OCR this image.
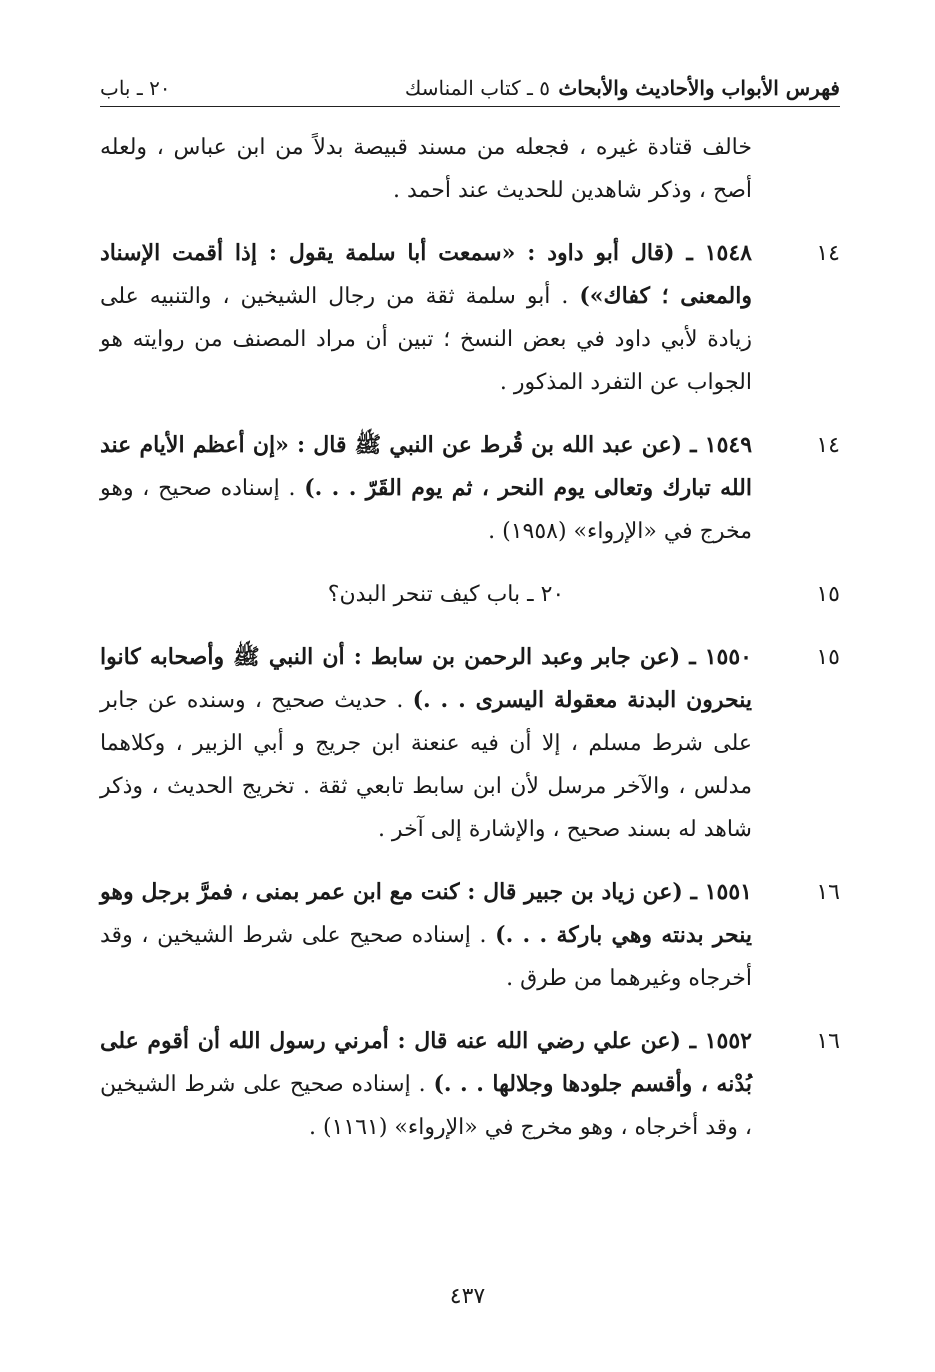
فهرس الأبواب والأحاديث والأبحاث
٥ ـ كتاب المناسك
٢٠ ـ باب
خالف قتادة غيره ، فجعله من مسند قبيصة بدلاً من ابن عباس ، ولعله أصح ، وذكر شاهدين للحديث عند أحمد .
١٤
١٥٤٨ ـ (قال أبو داود : «سمعت أبا سلمة يقول : إذا أقمت الإسناد والمعنى ؛ كفاك») . أبو سلمة ثقة من رجال الشيخين ، والتنبيه على زيادة لأبي داود في بعض النسخ ؛ تبين أن مراد المصنف من روايته هو الجواب عن التفرد المذكور .
١٤
١٥٤٩ ـ (عن عبد الله بن قُرط عن النبي ﷺ قال : «إن أعظم الأيام عند الله تبارك وتعالى يوم النحر ، ثم يوم القَرّ . . .) . إسناده صحيح ، وهو مخرج في «الإرواء» (١٩٥٨) .
١٥
٢٠ ـ باب كيف تنحر البدن؟
١٥
١٥٥٠ ـ (عن جابر وعبد الرحمن بن سابط : أن النبي ﷺ وأصحابه كانوا ينحرون البدنة معقولة اليسرى . . .) . حديث صحيح ، وسنده عن جابر على شرط مسلم ، إلا أن فيه عنعنة ابن جريج و أبي الزبير ، وكلاهما مدلس ، والآخر مرسل لأن ابن سابط تابعي ثقة . تخريج الحديث ، وذكر شاهد له بسند صحيح ، والإشارة إلى آخر .
١٦
١٥٥١ ـ (عن زياد بن جبير قال : كنت مع ابن عمر بمنى ، فمرَّ برجل وهو ينحر بدنته وهي باركة . . .) . إسناده صحيح على شرط الشيخين ، وقد أخرجاه وغيرهما من طرق .
١٦
١٥٥٢ ـ (عن علي رضي الله عنه قال : أمرني رسول الله أن أقوم على بُدْنه ، وأقسم جلودها وجلالها . . .) . إسناده صحيح على شرط الشيخين ، وقد أخرجاه ، وهو مخرج في «الإرواء» (١١٦١) .
٤٣٧
